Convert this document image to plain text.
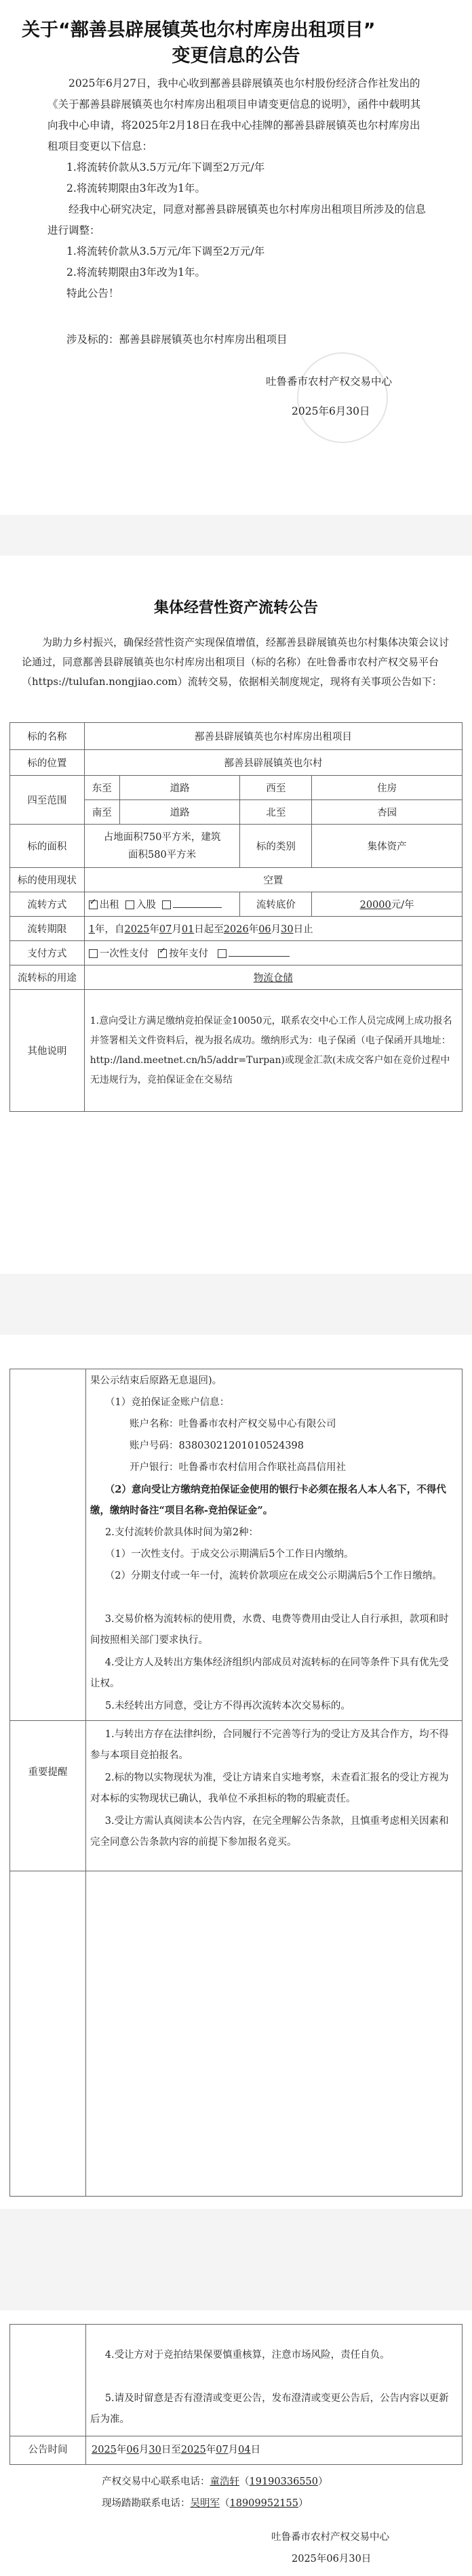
关于“鄯善县辟展镇英也尔村库房出租项目”
变更信息的公告
2025年6月27日，我中心收到鄯善县辟展镇英也尔村股份经济合作社发出的《关于鄯善县辟展镇英也尔村库房出租项目申请变更信息的说明》，函件中载明其向我中心申请，将2025年2月18日在我中心挂牌的鄯善县辟展镇英也尔村库房出租项目变更以下信息：
1.将流转价款从3.5万元/年下调至2万元/年
2.将流转期限由3年改为1年。
经我中心研究决定，同意对鄯善县辟展镇英也尔村库房出租项目所涉及的信息进行调整：
1.将流转价款从3.5万元/年下调至2万元/年
2.将流转期限由3年改为1年。
特此公告！
涉及标的：鄯善县辟展镇英也尔村库房出租项目
吐鲁番市农村产权交易中心
2025年6月30日
集体经营性资产流转公告
为助力乡村振兴，确保经营性资产实现保值增值，经鄯善县辟展镇英也尔村集体决策会议讨论通过，同意鄯善县辟展镇英也尔村库房出租项目（标的名称）在吐鲁番市农村产权交易平台（https://tulufan.nongjiao.com）流转交易，依据相关制度规定，现将有关事项公告如下：
标的名称	鄯善县辟展镇英也尔村库房出租项目			
标的位置	鄯善县辟展镇英也尔村			
四至范围	东至	道路	西至	住房
	南至	道路	北至	杏园
标的面积	占地面积750平方米，建筑
面积580平方米		标的类别	集体资产
标的使用现状	空置			
流转方式	✓出租 入股		流转底价	20000元/年
流转期限	1年，自2025年07月01日起至2026年06月30日止			
支付方式	一次性支付 ✓ 按年支付
流转标的用途	物流仓储			
其他说明	1.意向受让方满足缴纳竞拍保证金10050元，联系农交中心工作人员完成网上成功报名并签署相关文件资料后，视为报名成功。缴纳形式为：电子保函（电子保函开具地址：http://land.meetnet.cn/h5/addr=Turpan)或现金汇款(未成交客户如在竞价过程中无违规行为，竞拍保证金在交易结			
果公示结束后原路无息退回)。
（1）竞拍保证金账户信息：
账户名称：吐鲁番市农村产权交易中心有限公司
账户号码：83803021201010524398
开户银行：吐鲁番市农村信用合作联社高昌信用社
（2）意向受让方缴纳竞拍保证金使用的银行卡必须在报名人本人名下，不得代缴，缴纳时备注“项目名称-竞拍保证金”。
2.支付流转价款具体时间为第2种：
（1）一次性支付。于成交公示期满后5个工作日内缴纳。
（2）分期支付或一年一付，流转价款项应在成交公示期满后5个工作日缴纳。
3.交易价格为流转标的使用费，水费、电费等费用由受让人自行承担，款项和时间按照相关部门要求执行。
4.受让方人及转出方集体经济组织内部成员对流转标的在同等条件下具有优先受让权。
5.未经转出方同意，受让方不得再次流转本次交易标的。
重要提醒
1.与转出方存在法律纠纷，合同履行不完善等行为的受让方及其合作方，均不得参与本项目竞拍报名。
2.标的物以实物现状为准，受让方请来自实地考察，未查看汇报名的受让方视为对本标的实物现状已确认，我单位不承担标的物的瑕疵责任。
3.受让方需认真阅读本公告内容，在完全理解公告条款，且慎重考虑相关因素和完全同意公告条款内容的前提下参加报名竞买。
4.受让方对于竞拍结果保要慎重核算，注意市场风险，责任自负。
5.请及时留意是否有澄清或变更公告，发布澄清或变更公告后，公告内容以更新后为准。
公告时间	2025年06月30日至2025年07月04日
产权交易中心联系电话：童浩轩（19190336550）
现场踏勘联系电话：吴明军（18909952155）
吐鲁番市农村产权交易中心
2025年06月30日
